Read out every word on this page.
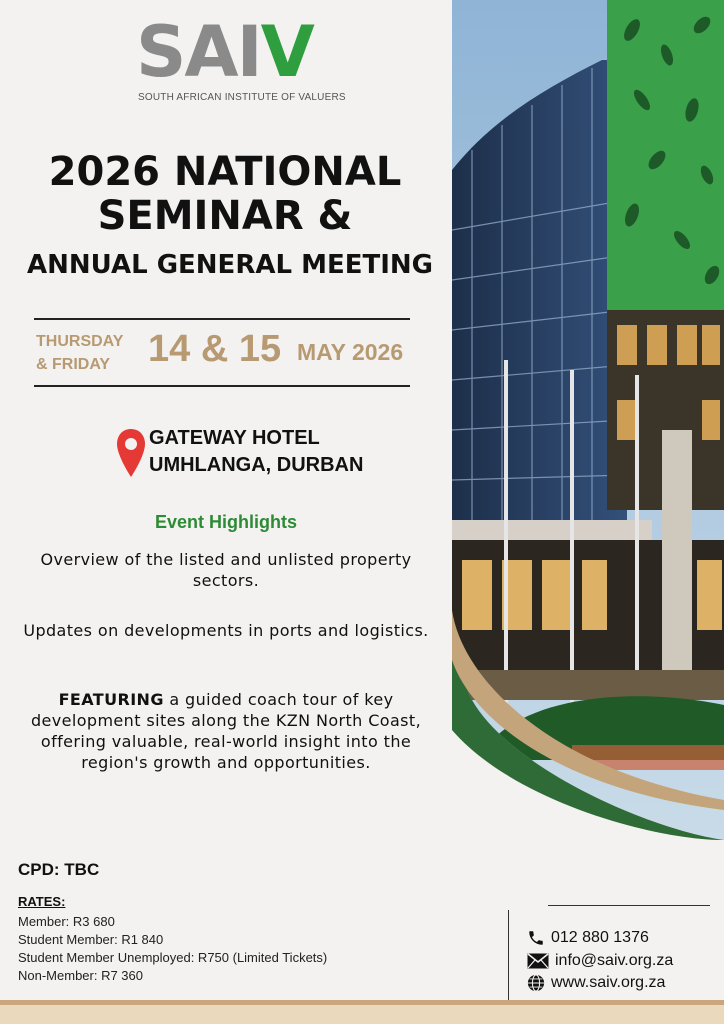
SAIV
SOUTH AFRICAN INSTITUTE OF VALUERS
2026 NATIONAL
SEMINAR &
ANNUAL GENERAL MEETING
THURSDAY
& FRIDAY 14 & 15 MAY 2026
GATEWAY HOTEL
UMHLANGA, DURBAN
Event Highlights
Overview of the listed and unlisted property sectors.
Updates on developments in ports and logistics.
FEATURING a guided coach tour of key development sites along the KZN North Coast, offering valuable, real-world insight into the region's growth and opportunities.
CPD: TBC
RATES:
Member: R3 680
Student Member: R1 840
Student Member Unemployed: R750 (Limited Tickets)
Non-Member: R7 360
012 880 1376
info@saiv.org.za
www.saiv.org.za
